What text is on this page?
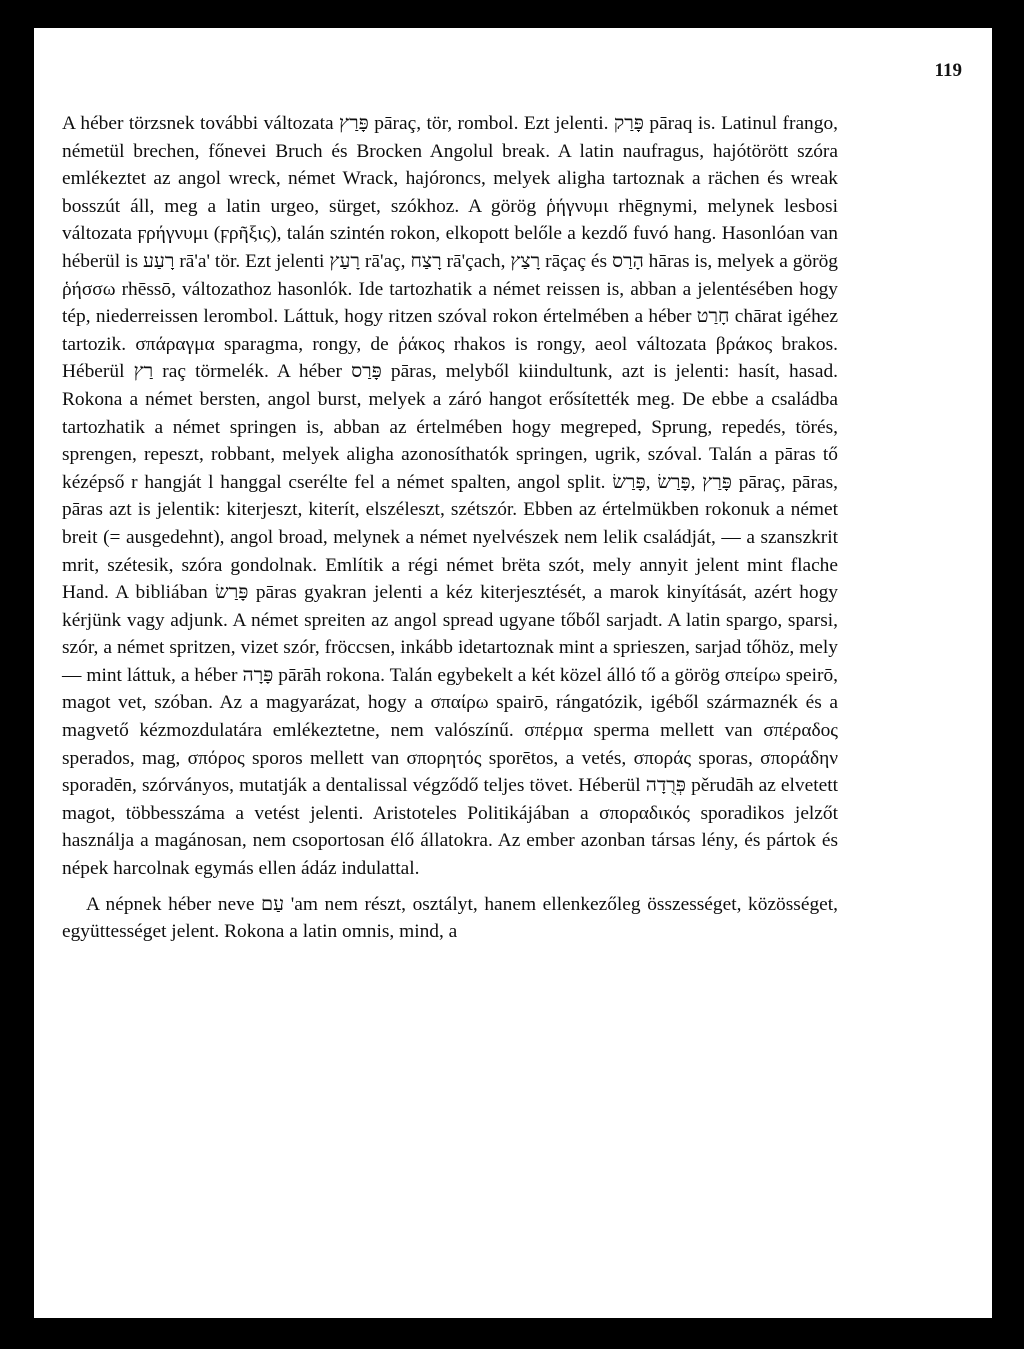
119

A héber törzsnek további változata פָּרַץ pāraç, tör, rombol. Ezt jelenti. פָּרַק pāraq is. Latinul frango, németül brechen, főnevei Bruch és Brocken Angolul break. A latin naufragus, hajótörött szóra emlékeztet az angol wreck, német Wrack, hajóroncs, melyek aligha tartoznak a rächen és wreak bosszút áll, meg a latin urgeo, sürget, szókhoz. A görög ῥήγνυμι rhēgnymi, melynek lesbosi változata ϝρήγνυμι (ϝρῆξις), talán szintén rokon, elkopott belőle a kezdő fuvó hang. Hasonlóan van héberül is רָעַע rā'a' tör. Ezt jelenti רָעַץ rā'aç, רָצַח rā'çach, רָצַץ rāçaç és הָרַס hāras is, melyek a görög ῥήσσω rhēssō, változathoz hasonlók. Ide tartozhatik a német reissen is, abban a jelentésében hogy tép, niederreissen lerombol. Láttuk, hogy ritzen szóval rokon értelmében a héber חָרַט chārat igéhez tartozik. σπάραγμα sparagma, rongy, de ῥάκος rhakos is rongy, aeol változata βράκος brakos. Héberül רַץ raç törmelék. A héber פָּרַס pāras, melyből kiindultunk, azt is jelenti: hasít, hasad. Rokona a német bersten, angol burst, melyek a záró hangot erősítették meg. De ebbe a családba tartozhatik a német springen is, abban az értelmében hogy megreped, Sprung, repedés, törés, sprengen, repeszt, robbant, melyek aligha azonosíthatók springen, ugrik, szóval. Talán a pāras tő kézépső r hangját l hanggal cserélte fel a német spalten, angol split. פָּרַץ ,פָּרַשׂ ,פָּרַשׂ pāraç, pāras, pāras azt is jelentik: kiterjeszt, kiterít, elszéleszt, szétszór. Ebben az értelmükben rokonuk a német breit (= ausgedehnt), angol broad, melynek a német nyelvészek nem lelik családját, — a szanszkrit mrit, szétesik, szóra gondolnak. Említik a régi német brëta szót, mely annyit jelent mint flache Hand. A bibliában פָּרַשׂ pāras gyakran jelenti a kéz kiterjesztését, a marok kinyítását, azért hogy kérjünk vagy adjunk. A német spreiten az angol spread ugyane tőből sarjadt. A latin spargo, sparsi, szór, a német spritzen, vizet szór, fröccsen, inkább idetartoznak mint a sprieszen, sarjad tőhöz, mely — mint láttuk, a héber פָּרָה pārāh rokona. Talán egybekelt a két közel álló tő a görög σπείρω speirō, magot vet, szóban. Az a magyarázat, hogy a σπαίρω spairō, rángatózik, igéből származnék és a magvető kézmozdulatára emlékeztetne, nem valószínű. σπέρμα sperma mellett van σπέραδος sperados, mag, σπόρος sporos mellett van σπορητός sporētos, a vetés, σποράς sporas, σποράδην sporadēn, szórványos, mutatják a dentalissal végződő teljes tövet. Héberül פְּרֻדָה pěrudāh az elvetett magot, többesszáma a vetést jelenti. Aristoteles Politikájában a σποραδικός sporadikos jelzőt használja a magánosan, nem csoportosan élő állatokra. Az ember azonban társas lény, és pártok és népek harcolnak egymás ellen ádáz indulattal.

A népnek héber neve עַם 'am nem részt, osztályt, hanem ellenkezőleg összességet, közösséget, együttességet jelent. Rokona a latin omnis, mind, a
